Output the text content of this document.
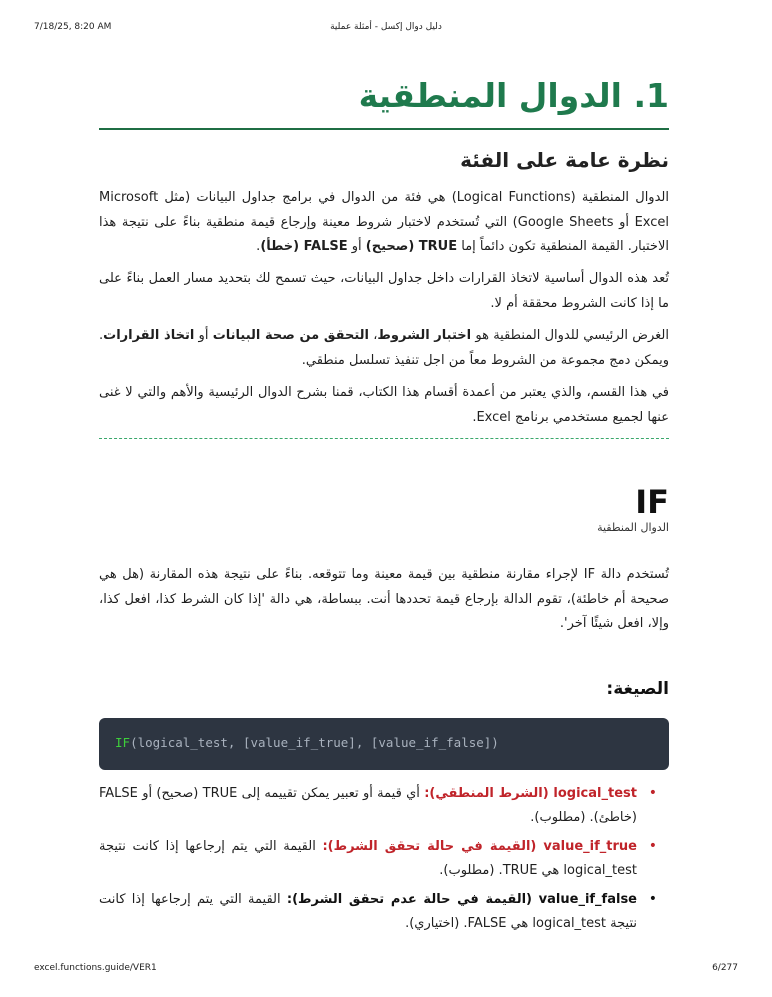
7/18/25, 8:20 AM	دليل دوال إكسل - أمثلة عملية
1. الدوال المنطقية
نظرة عامة على الفئة

الدوال المنطقية (Logical Functions) هي فئة من الدوال في برامج جداول البيانات (مثل Microsoft Excel أو Google Sheets) التي تُستخدم لاختبار شروط معينة وإرجاع قيمة منطقية بناءً على نتيجة هذا الاختبار. القيمة المنطقية تكون دائماً إما TRUE (صحيح) أو FALSE (خطأ).

تُعد هذه الدوال أساسية لاتخاذ القرارات داخل جداول البيانات، حيث تسمح لك بتحديد مسار العمل بناءً على ما إذا كانت الشروط محققة أم لا.

الغرض الرئيسي للدوال المنطقية هو اختبار الشروط، التحقق من صحة البيانات أو اتخاذ القرارات. ويمكن دمج مجموعة من الشروط معاً من اجل تنفيذ تسلسل منطقي.

في هذا القسم، والذي يعتبر من أعمدة أقسام هذا الكتاب، قمنا بشرح الدوال الرئيسية والأهم والتي لا غنى عنها لجميع مستخدمي برنامج Excel.

IF
الدوال المنطقية

تُستخدم دالة IF لإجراء مقارنة منطقية بين قيمة معينة وما تتوقعه. بناءً على نتيجة هذه المقارنة (هل هي صحيحة أم خاطئة)، تقوم الدالة بإرجاع قيمة تحددها أنت. ببساطة، هي دالة 'إذا كان الشرط كذا، افعل كذا، وإلا، افعل شيئًا آخر'.

الصيغة:
IF(logical_test, [value_if_true], [value_if_false])
•
logical_test (الشرط المنطقي): أي قيمة أو تعبير يمكن تقييمه إلى TRUE (صحيح) أو FALSE (خاطئ). (مطلوب).
•
value_if_true (القيمة في حالة تحقق الشرط): القيمة التي يتم إرجاعها إذا كانت نتيجة logical_test هي TRUE. (مطلوب).
•
value_if_false (القيمة في حالة عدم تحقق الشرط): القيمة التي يتم إرجاعها إذا كانت نتيجة logical_test هي FALSE. (اختياري).
excel.functions.guide/VER1	6/277
